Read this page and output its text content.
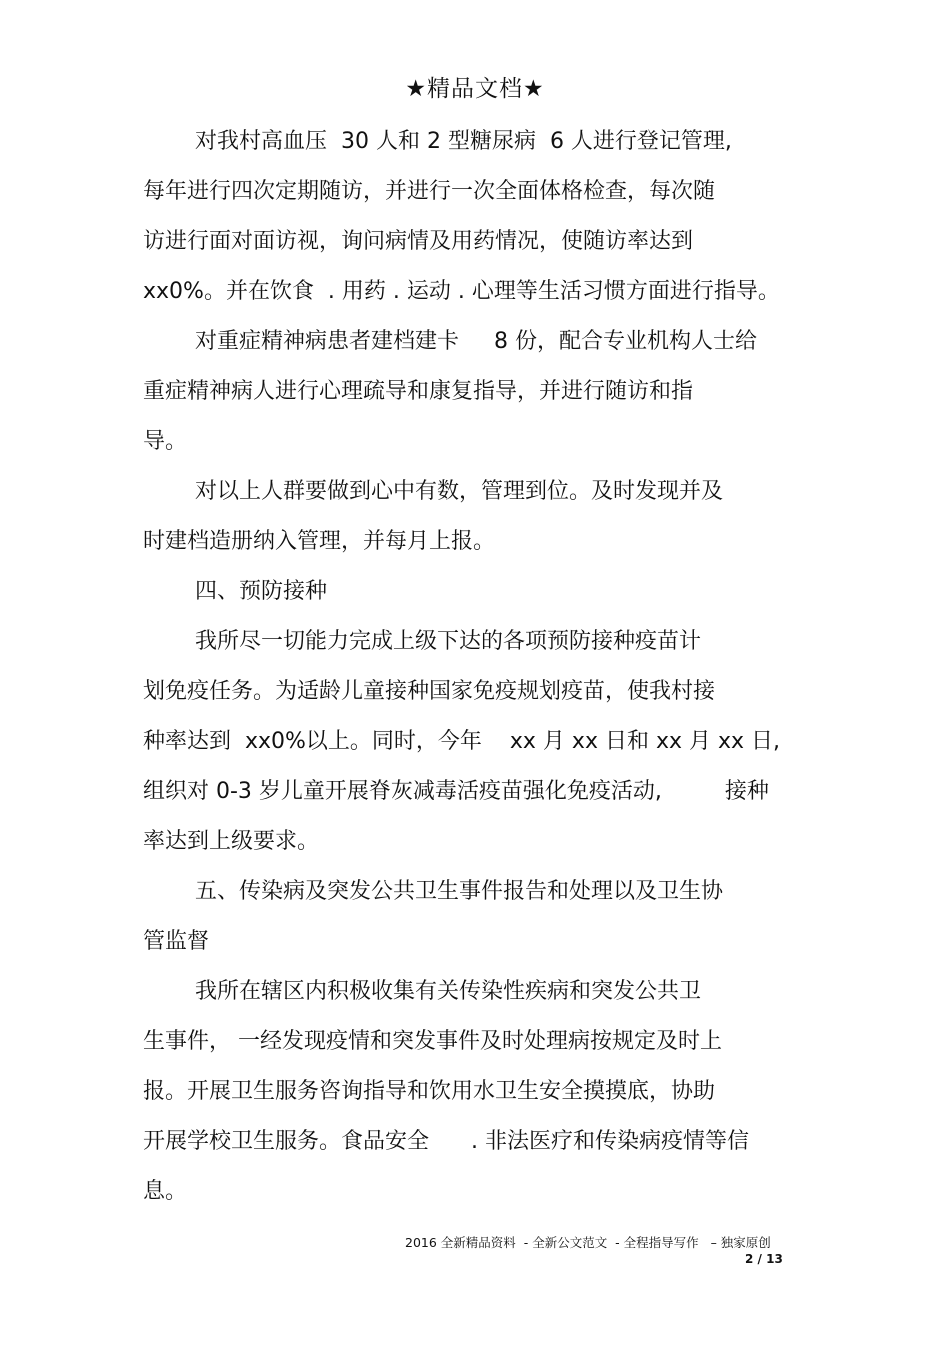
★精品文档★
对我村高血压  30 人和 2 型糖尿病  6 人进行登记管理,
每年进行四次定期随访，并进行一次全面体格检查，每次随
访进行面对面访视，询问病情及用药情况，使随访率达到
xx0%。并在饮食  . 用药 . 运动 . 心理等生活习惯方面进行指导。
对重症精神病患者建档建卡     8 份，配合专业机构人士给
重症精神病人进行心理疏导和康复指导，并进行随访和指
导。
对以上人群要做到心中有数，管理到位。及时发现并及
时建档造册纳入管理，并每月上报。
四、预防接种
我所尽一切能力完成上级下达的各项预防接种疫苗计
划免疫任务。为适龄儿童接种国家免疫规划疫苗，使我村接
种率达到  xx0%以上。同时，今年    xx 月 xx 日和 xx 月 xx 日,
组织对 0-3 岁儿童开展脊灰减毒活疫苗强化免疫活动,         接种
率达到上级要求。
五、传染病及突发公共卫生事件报告和处理以及卫生协
管监督
我所在辖区内积极收集有关传染性疾病和突发公共卫
生事件， 一经发现疫情和突发事件及时处理病按规定及时上
报。开展卫生服务咨询指导和饮用水卫生安全摸摸底，协助
开展学校卫生服务。食品安全      . 非法医疗和传染病疫情等信
息。
2016 全新精品资料  - 全新公文范文  - 全程指导写作   – 独家原创
2 / 13
